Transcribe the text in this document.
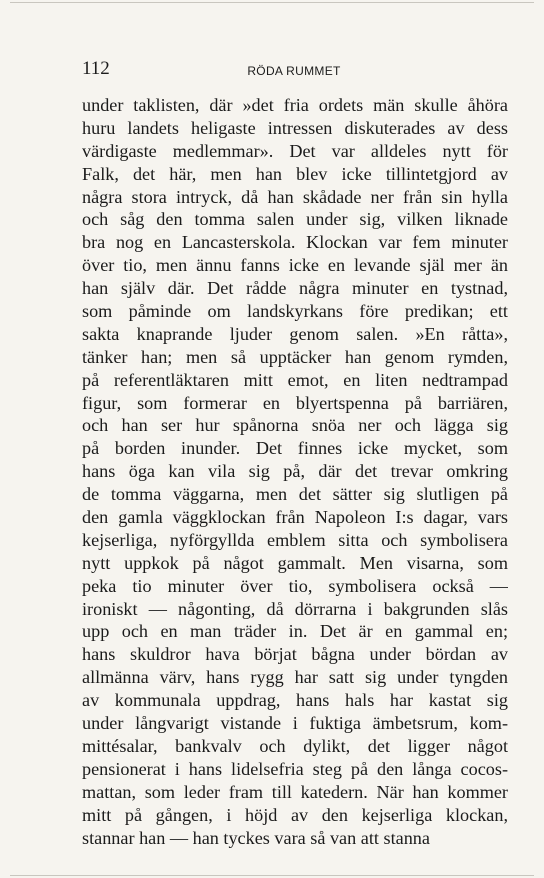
112	RÖDA RUMMET
under taklisten, där »det fria ordets män skulle åhöra
huru landets heligaste intressen diskuterades av dess
värdigaste medlemmar». Det var alldeles nytt för
Falk, det här, men han blev icke tillintetgjord av
några stora intryck, då han skådade ner från sin hylla
och såg den tomma salen under sig, vilken liknade
bra nog en Lancasterskola. Klockan var fem minuter
över tio, men ännu fanns icke en levande själ mer än
han själv där. Det rådde några minuter en tystnad,
som påminde om landskyrkans före predikan; ett
sakta knaprande ljuder genom salen. »En råtta»,
tänker han; men så upptäcker han genom rymden,
på referentläktaren mitt emot, en liten nedtrampad
figur, som formerar en blyertspenna på barriären,
och han ser hur spånorna snöa ner och lägga sig
på borden inunder. Det finnes icke mycket, som
hans öga kan vila sig på, där det trevar omkring
de tomma väggarna, men det sätter sig slutligen på
den gamla väggklockan från Napoleon I:s dagar, vars
kejserliga, nyförgyllda emblem sitta och symbolisera
nytt uppkok på något gammalt. Men visarna, som
peka tio minuter över tio, symbolisera också —
ironiskt — någonting, då dörrarna i bakgrunden slås
upp och en man träder in. Det är en gammal en;
hans skuldror hava börjat bågna under bördan av
allmänna värv, hans rygg har satt sig under tyngden
av kommunala uppdrag, hans hals har kastat sig
under långvarigt vistande i fuktiga ämbetsrum, kom-
mittésalar, bankvalv och dylikt, det ligger något
pensionerat i hans lidelsefria steg på den långa cocos-
mattan, som leder fram till katedern. När han kommer
mitt på gången, i höjd av den kejserliga klockan,
stannar han — han tyckes vara så van att stanna
